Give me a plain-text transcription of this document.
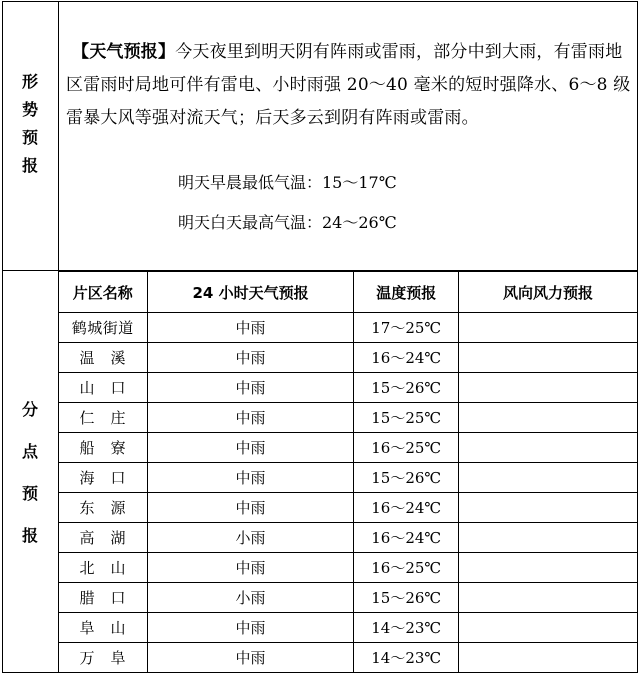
形
势
预
报
【天气预报】今天夜里到明天阴有阵雨或雷雨，部分中到大雨，有雷雨地区雷雨时局地可伴有雷电、小时雨强 20～40 毫米的短时强降水、6～8 级雷暴大风等强对流天气；后天多云到阴有阵雨或雷雨。
明天早晨最低气温：15～17℃
明天白天最高气温：24～26℃
分
点
预
报
片区名称	24 小时天气预报	温度预报	风向风力预报
鹤城街道	中雨	17～25℃	
温　溪	中雨	16～24℃	
山　口	中雨	15～26℃	
仁　庄	中雨	15～25℃	
船　寮	中雨	16～25℃	
海　口	中雨	15～26℃	
东　源	中雨	16～24℃	
高　湖	小雨	16～24℃	
北　山	中雨	16～25℃	
腊　口	小雨	15～26℃	
阜　山	中雨	14～23℃	
万　阜	中雨	14～23℃	
